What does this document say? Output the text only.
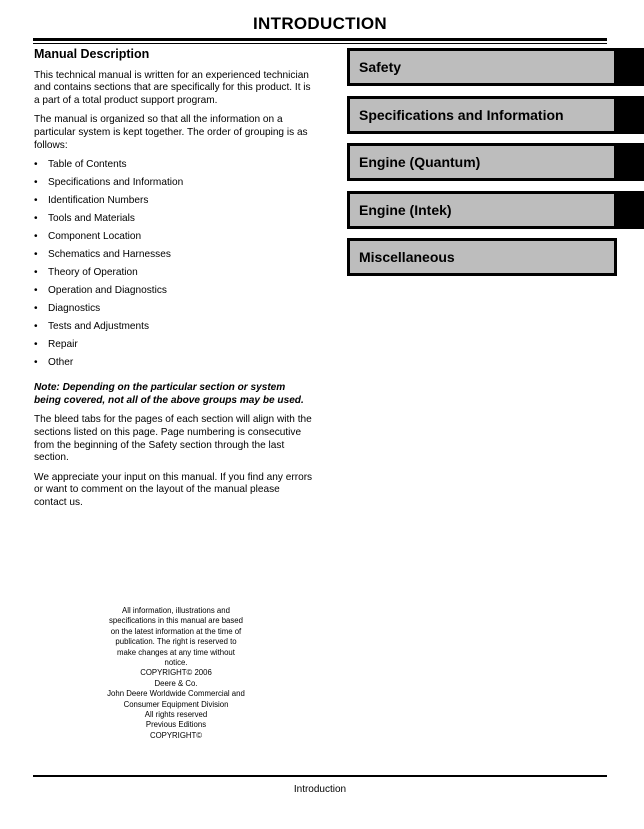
INTRODUCTION
Manual Description

This technical manual is written for an experienced technician and contains sections that are specifically for this product. It is a part of a total product support program.

The manual is organized so that all the information on a particular system is kept together. The order of grouping is as follows:

• Table of Contents
• Specifications and Information
• Identification Numbers
• Tools and Materials
• Component Location
• Schematics and Harnesses
• Theory of Operation
• Operation and Diagnostics
• Diagnostics
• Tests and Adjustments
• Repair
• Other

Note: Depending on the particular section or system being covered, not all of the above groups may be used.

The bleed tabs for the pages of each section will align with the sections listed on this page. Page numbering is consecutive from the beginning of the Safety section through the last section.

We appreciate your input on this manual. If you find any errors or want to comment on the layout of the manual please contact us.

Safety
Specifications and Information
Engine (Quantum)
Engine (Intek)
Miscellaneous
All information, illustrations and
specifications in this manual are based
on the latest information at the time of
publication. The right is reserved to
make changes at any time without
notice.
COPYRIGHT© 2006
Deere & Co.
John Deere Worldwide Commercial and
Consumer Equipment Division
All rights reserved
Previous Editions
COPYRIGHT©
Introduction
